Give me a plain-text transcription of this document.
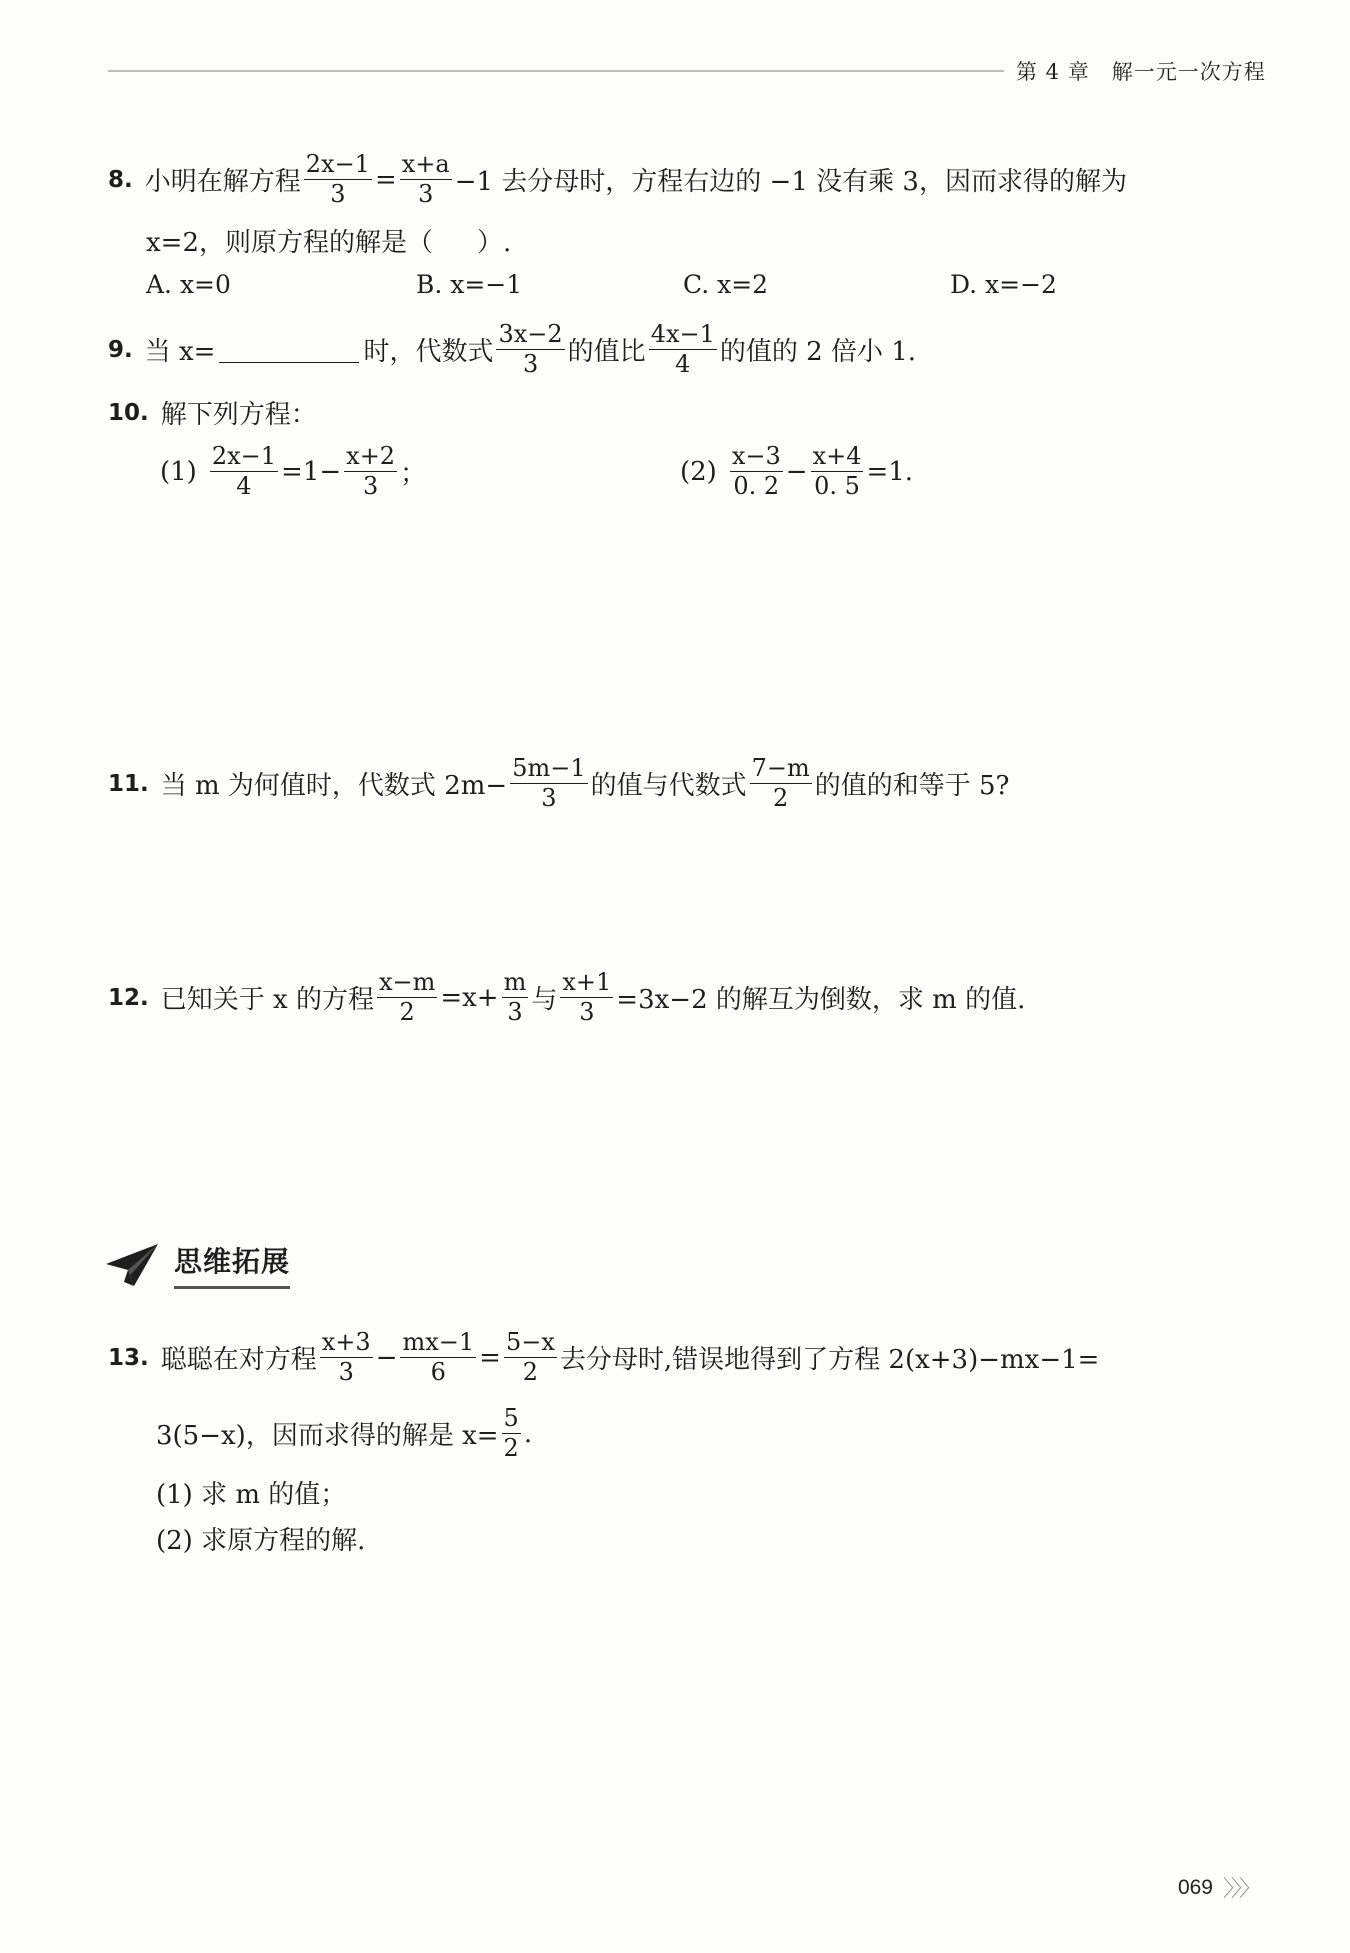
第 4 章　解一元一次方程
8. 小明在解方程 $\frac{2x-1}{3} = \frac{x+a}{3} -1$ 去分母时，方程右边的 −1 没有乘 3，因而求得的解为
x=2，则原方程的解是（ ）.
A. x=0	B. x=−1	C. x=2	D. x=−2
9. 当 x=	时，代数式 $\frac{3x-2}{3}$ 的值比 $\frac{4x-1}{4}$ 的值的 2 倍小 1.
10. 解下列方程：
$(1) \frac{2x-1}{4} =1- \frac{x+2}{3}$ ；	$(2) \frac{x-3}{0. 2} - \frac{x+4}{0. 5} =1$.
11. 当 m 为何值时，代数式 $2m- \frac{5m-1}{3}$ 的值与代数式 $\frac{7-m}{2}$ 的值的和等于 5?
12. 已知关于 x 的方程 $\frac{x-m}{2} =x+ \frac{m}{3}$ 与 $\frac{x+1}{3} =3x-2$ 的解互为倒数，求 m 的值.
思维拓展
13. 聪聪在对方程 $\frac{x+3}{3} - \frac{mx-1}{6} = \frac{5-x}{2}$ 去分母时,错误地得到了方程 2(x+3)−mx−1=
3(5−x)，因而求得的解是 $x= \frac{5}{2}$ .
(1) 求 m 的值；
(2) 求原方程的解.
069 〉〉〉
